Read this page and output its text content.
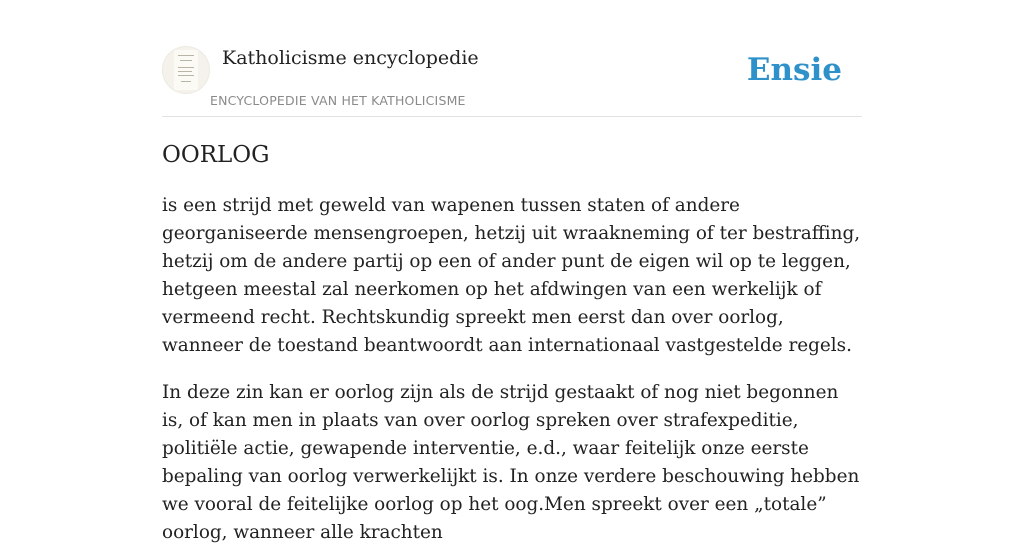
Katholicisme encyclopedie
ENCYCLOPEDIE VAN HET KATHOLICISME
Ensie
OORLOG

is een strijd met geweld van wapenen tussen staten of andere georganiseerde mensengroepen, hetzij uit wraakneming of ter bestraffing, hetzij om de andere partij op een of ander punt de eigen wil op te leggen, hetgeen meestal zal neerkomen op het afdwingen van een werkelijk of vermeend recht. Rechtskundig spreekt men eerst dan over oorlog, wanneer de toestand beantwoordt aan internationaal vastgestelde regels.

In deze zin kan er oorlog zijn als de strijd gestaakt of nog niet begonnen is, of kan men in plaats van over oorlog spreken over strafexpeditie, politiële actie, gewapende interventie, e.d., waar feitelijk onze eerste bepaling van oorlog verwerkelijkt is. In onze verdere beschouwing hebben we vooral de feitelijke oorlog op het oog.Men spreekt over een „totale” oorlog, wanneer alle krachten
